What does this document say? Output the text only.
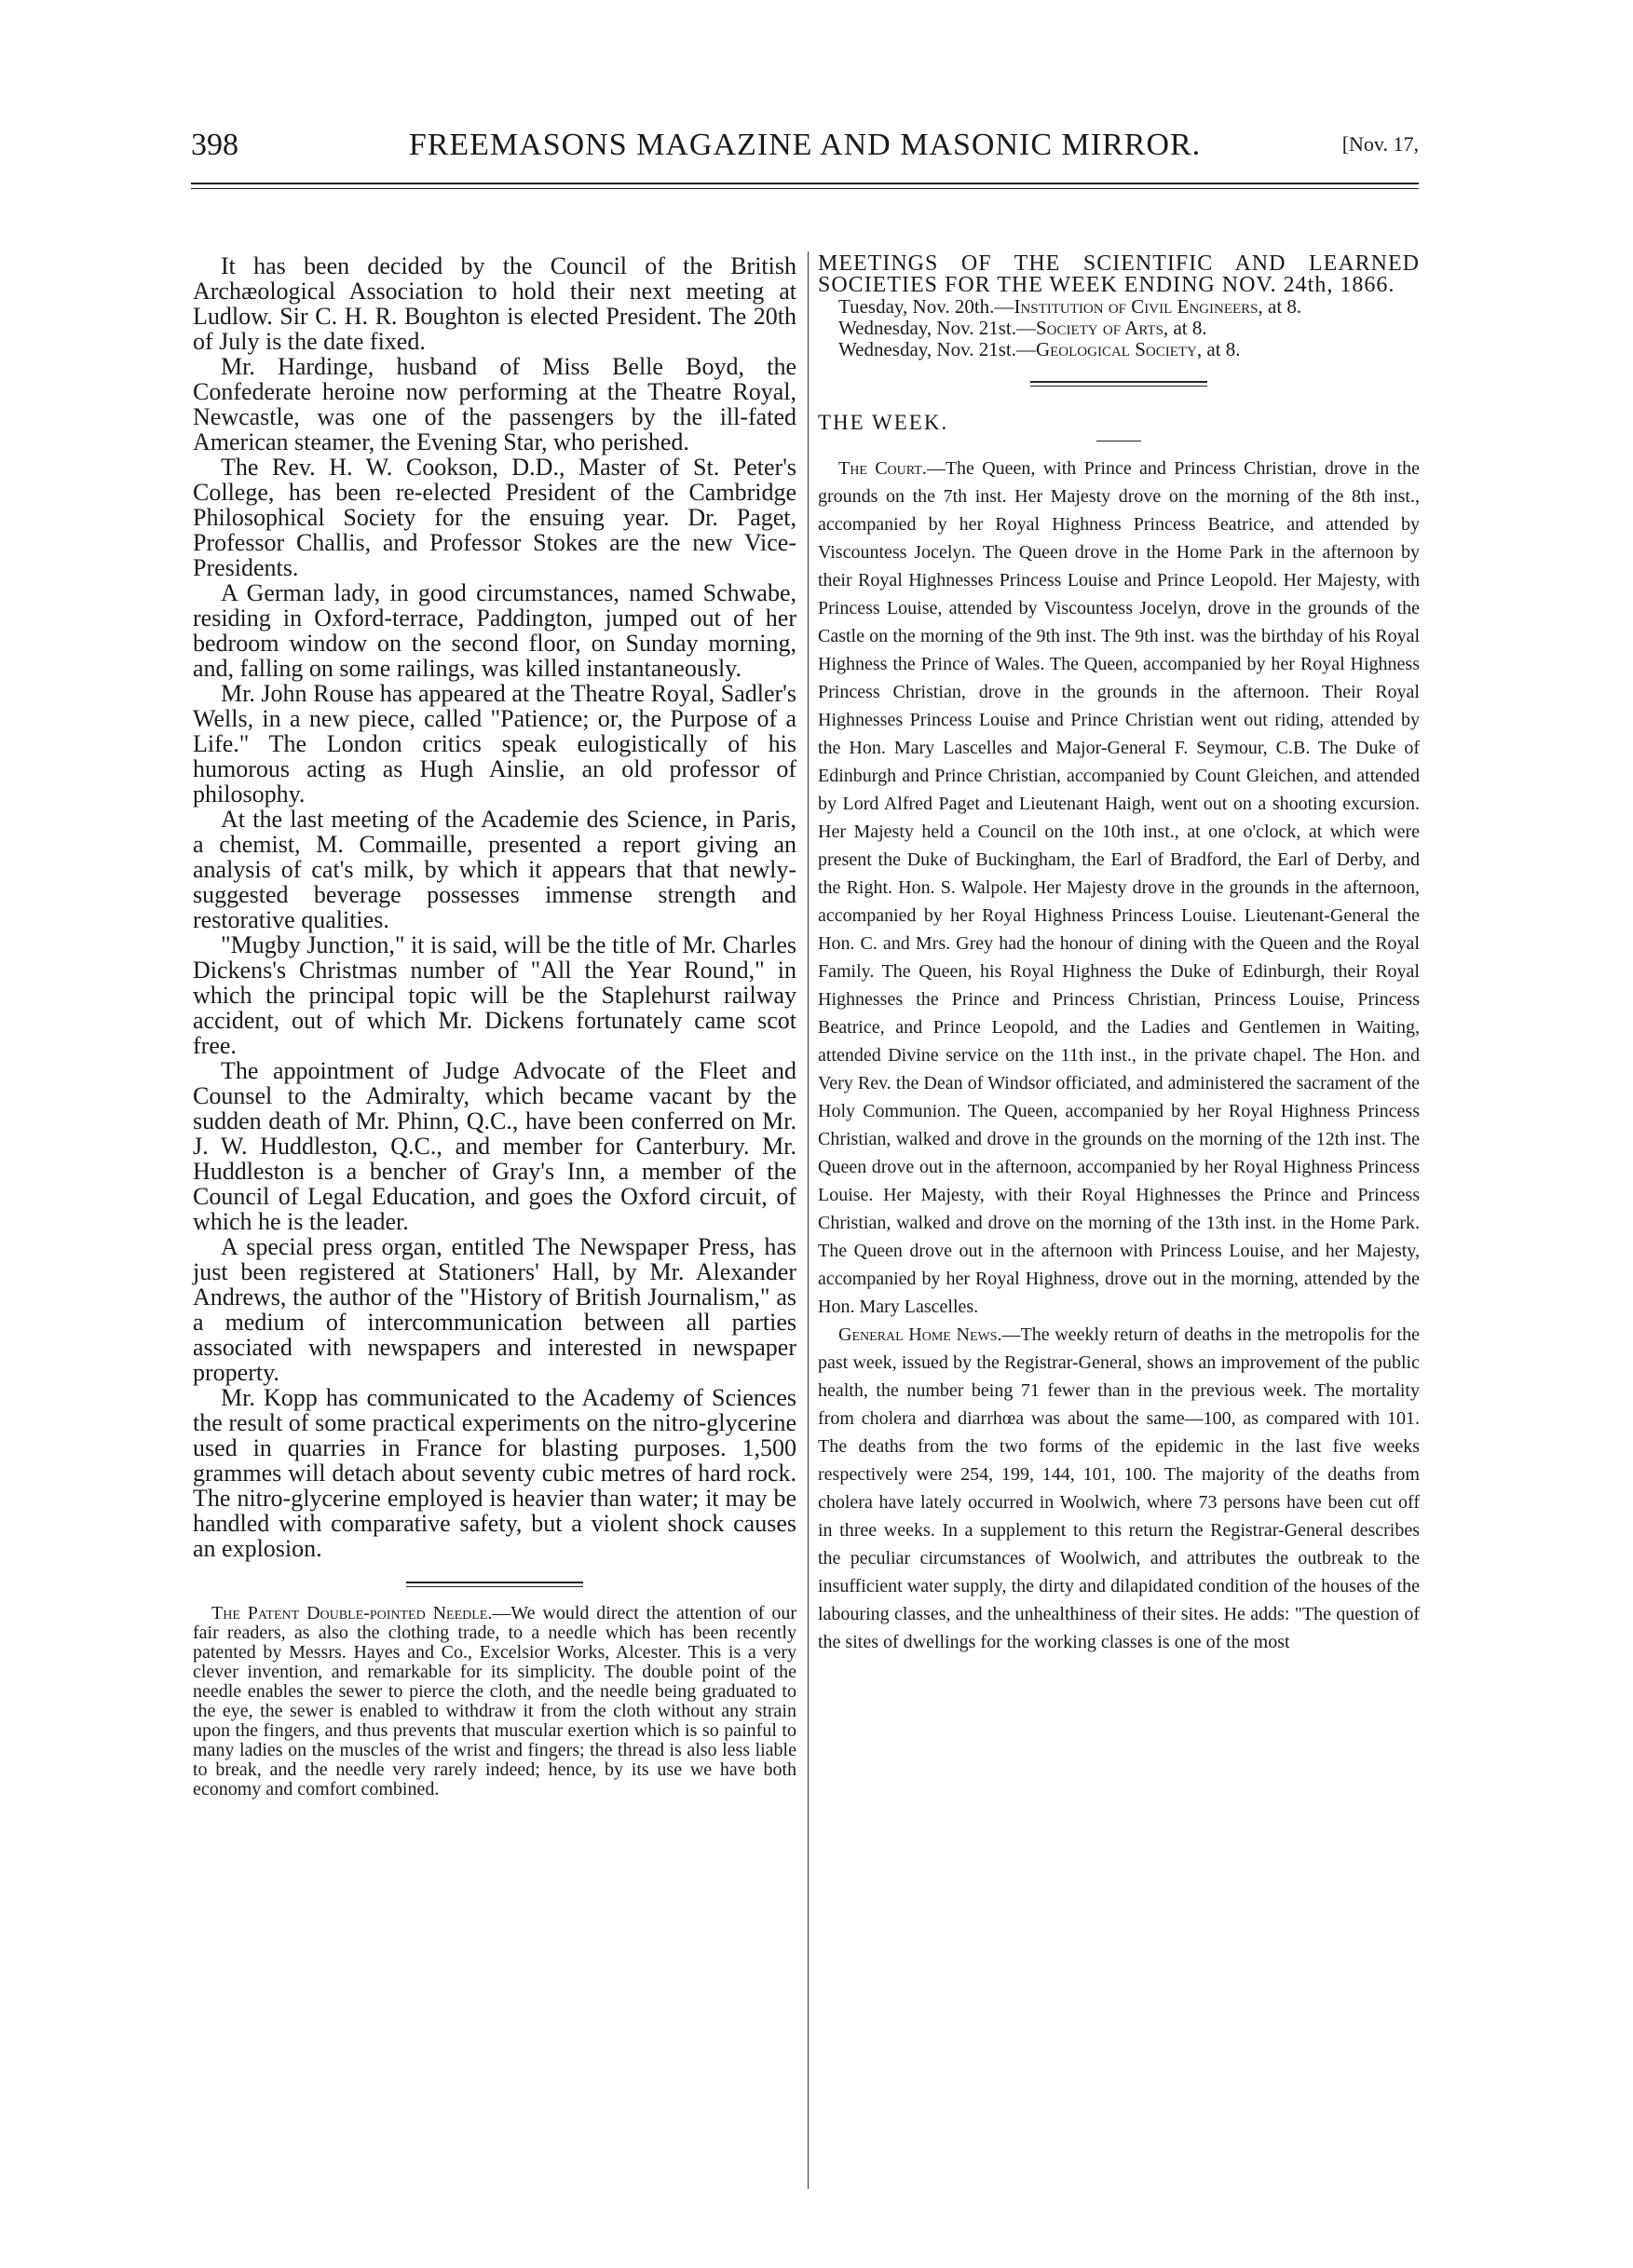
398	FREEMASONS MAGAZINE AND MASONIC MIRROR.	[Nov. 17,

It has been decided by the Council of the British Archæological Association to hold their next meeting at Ludlow. Sir C. H. R. Boughton is elected President. The 20th of July is the date fixed.

Mr. Hardinge, husband of Miss Belle Boyd, the Confederate heroine now performing at the Theatre Royal, Newcastle, was one of the passengers by the ill-fated American steamer, the Evening Star, who perished.

The Rev. H. W. Cookson, D.D., Master of St. Peter's College, has been re-elected President of the Cambridge Philosophical Society for the ensuing year. Dr. Paget, Professor Challis, and Professor Stokes are the new Vice-Presidents.

A German lady, in good circumstances, named Schwabe, residing in Oxford-terrace, Paddington, jumped out of her bedroom window on the second floor, on Sunday morning, and, falling on some railings, was killed instantaneously.

Mr. John Rouse has appeared at the Theatre Royal, Sadler's Wells, in a new piece, called "Patience; or, the Purpose of a Life." The London critics speak eulogistically of his humorous acting as Hugh Ainslie, an old professor of philosophy.

At the last meeting of the Academie des Science, in Paris, a chemist, M. Commaille, presented a report giving an analysis of cat's milk, by which it appears that that newly-suggested beverage possesses immense strength and restorative qualities.

"Mugby Junction," it is said, will be the title of Mr. Charles Dickens's Christmas number of "All the Year Round," in which the principal topic will be the Staplehurst railway accident, out of which Mr. Dickens fortunately came scot free.

The appointment of Judge Advocate of the Fleet and Counsel to the Admiralty, which became vacant by the sudden death of Mr. Phinn, Q.C., have been conferred on Mr. J. W. Huddleston, Q.C., and member for Canterbury. Mr. Huddleston is a bencher of Gray's Inn, a member of the Council of Legal Education, and goes the Oxford circuit, of which he is the leader.

A special press organ, entitled The Newspaper Press, has just been registered at Stationers' Hall, by Mr. Alexander Andrews, the author of the "History of British Journalism," as a medium of intercommunication between all parties associated with newspapers and interested in newspaper property.

Mr. Kopp has communicated to the Academy of Sciences the result of some practical experiments on the nitro-glycerine used in quarries in France for blasting purposes. 1,500 grammes will detach about seventy cubic metres of hard rock. The nitro-glycerine employed is heavier than water; it may be handled with comparative safety, but a violent shock causes an explosion.

The Patent Double-pointed Needle.—We would direct the attention of our fair readers, as also the clothing trade, to a needle which has been recently patented by Messrs. Hayes and Co., Excelsior Works, Alcester. This is a very clever invention, and remarkable for its simplicity. The double point of the needle enables the sewer to pierce the cloth, and the needle being graduated to the eye, the sewer is enabled to withdraw it from the cloth without any strain upon the fingers, and thus prevents that muscular exertion which is so painful to many ladies on the muscles of the wrist and fingers; the thread is also less liable to break, and the needle very rarely indeed; hence, by its use we have both economy and comfort combined.

MEETINGS OF THE SCIENTIFIC AND LEARNED SOCIETIES FOR THE WEEK ENDING NOV. 24th, 1866.

Tuesday, Nov. 20th.—Institution of Civil Engineers, at 8.

Wednesday, Nov. 21st.—Society of Arts, at 8.

Wednesday, Nov. 21st.—Geological Society, at 8.

THE WEEK.

The Court.—The Queen, with Prince and Princess Christian, drove in the grounds on the 7th inst. Her Majesty drove on the morning of the 8th inst., accompanied by her Royal Highness Princess Beatrice, and attended by Viscountess Jocelyn. The Queen drove in the Home Park in the afternoon by their Royal Highnesses Princess Louise and Prince Leopold. Her Majesty, with Princess Louise, attended by Viscountess Jocelyn, drove in the grounds of the Castle on the morning of the 9th inst. The 9th inst. was the birthday of his Royal Highness the Prince of Wales. The Queen, accompanied by her Royal Highness Princess Christian, drove in the grounds in the afternoon. Their Royal Highnesses Princess Louise and Prince Christian went out riding, attended by the Hon. Mary Lascelles and Major-General F. Seymour, C.B. The Duke of Edinburgh and Prince Christian, accompanied by Count Gleichen, and attended by Lord Alfred Paget and Lieutenant Haigh, went out on a shooting excursion. Her Majesty held a Council on the 10th inst., at one o'clock, at which were present the Duke of Buckingham, the Earl of Bradford, the Earl of Derby, and the Right. Hon. S. Walpole. Her Majesty drove in the grounds in the afternoon, accompanied by her Royal Highness Princess Louise. Lieutenant-General the Hon. C. and Mrs. Grey had the honour of dining with the Queen and the Royal Family. The Queen, his Royal Highness the Duke of Edinburgh, their Royal Highnesses the Prince and Princess Christian, Princess Louise, Princess Beatrice, and Prince Leopold, and the Ladies and Gentlemen in Waiting, attended Divine service on the 11th inst., in the private chapel. The Hon. and Very Rev. the Dean of Windsor officiated, and administered the sacrament of the Holy Communion. The Queen, accompanied by her Royal Highness Princess Christian, walked and drove in the grounds on the morning of the 12th inst. The Queen drove out in the afternoon, accompanied by her Royal Highness Princess Louise. Her Majesty, with their Royal Highnesses the Prince and Princess Christian, walked and drove on the morning of the 13th inst. in the Home Park. The Queen drove out in the afternoon with Princess Louise, and her Majesty, accompanied by her Royal Highness, drove out in the morning, attended by the Hon. Mary Lascelles.

General Home News.—The weekly return of deaths in the metropolis for the past week, issued by the Registrar-General, shows an improvement of the public health, the number being 71 fewer than in the previous week. The mortality from cholera and diarrhœa was about the same—100, as compared with 101. The deaths from the two forms of the epidemic in the last five weeks respectively were 254, 199, 144, 101, 100. The majority of the deaths from cholera have lately occurred in Woolwich, where 73 persons have been cut off in three weeks. In a supplement to this return the Registrar-General describes the peculiar circumstances of Woolwich, and attributes the outbreak to the insufficient water supply, the dirty and dilapidated condition of the houses of the labouring classes, and the unhealthiness of their sites. He adds: "The question of the sites of dwellings for the working classes is one of the most
